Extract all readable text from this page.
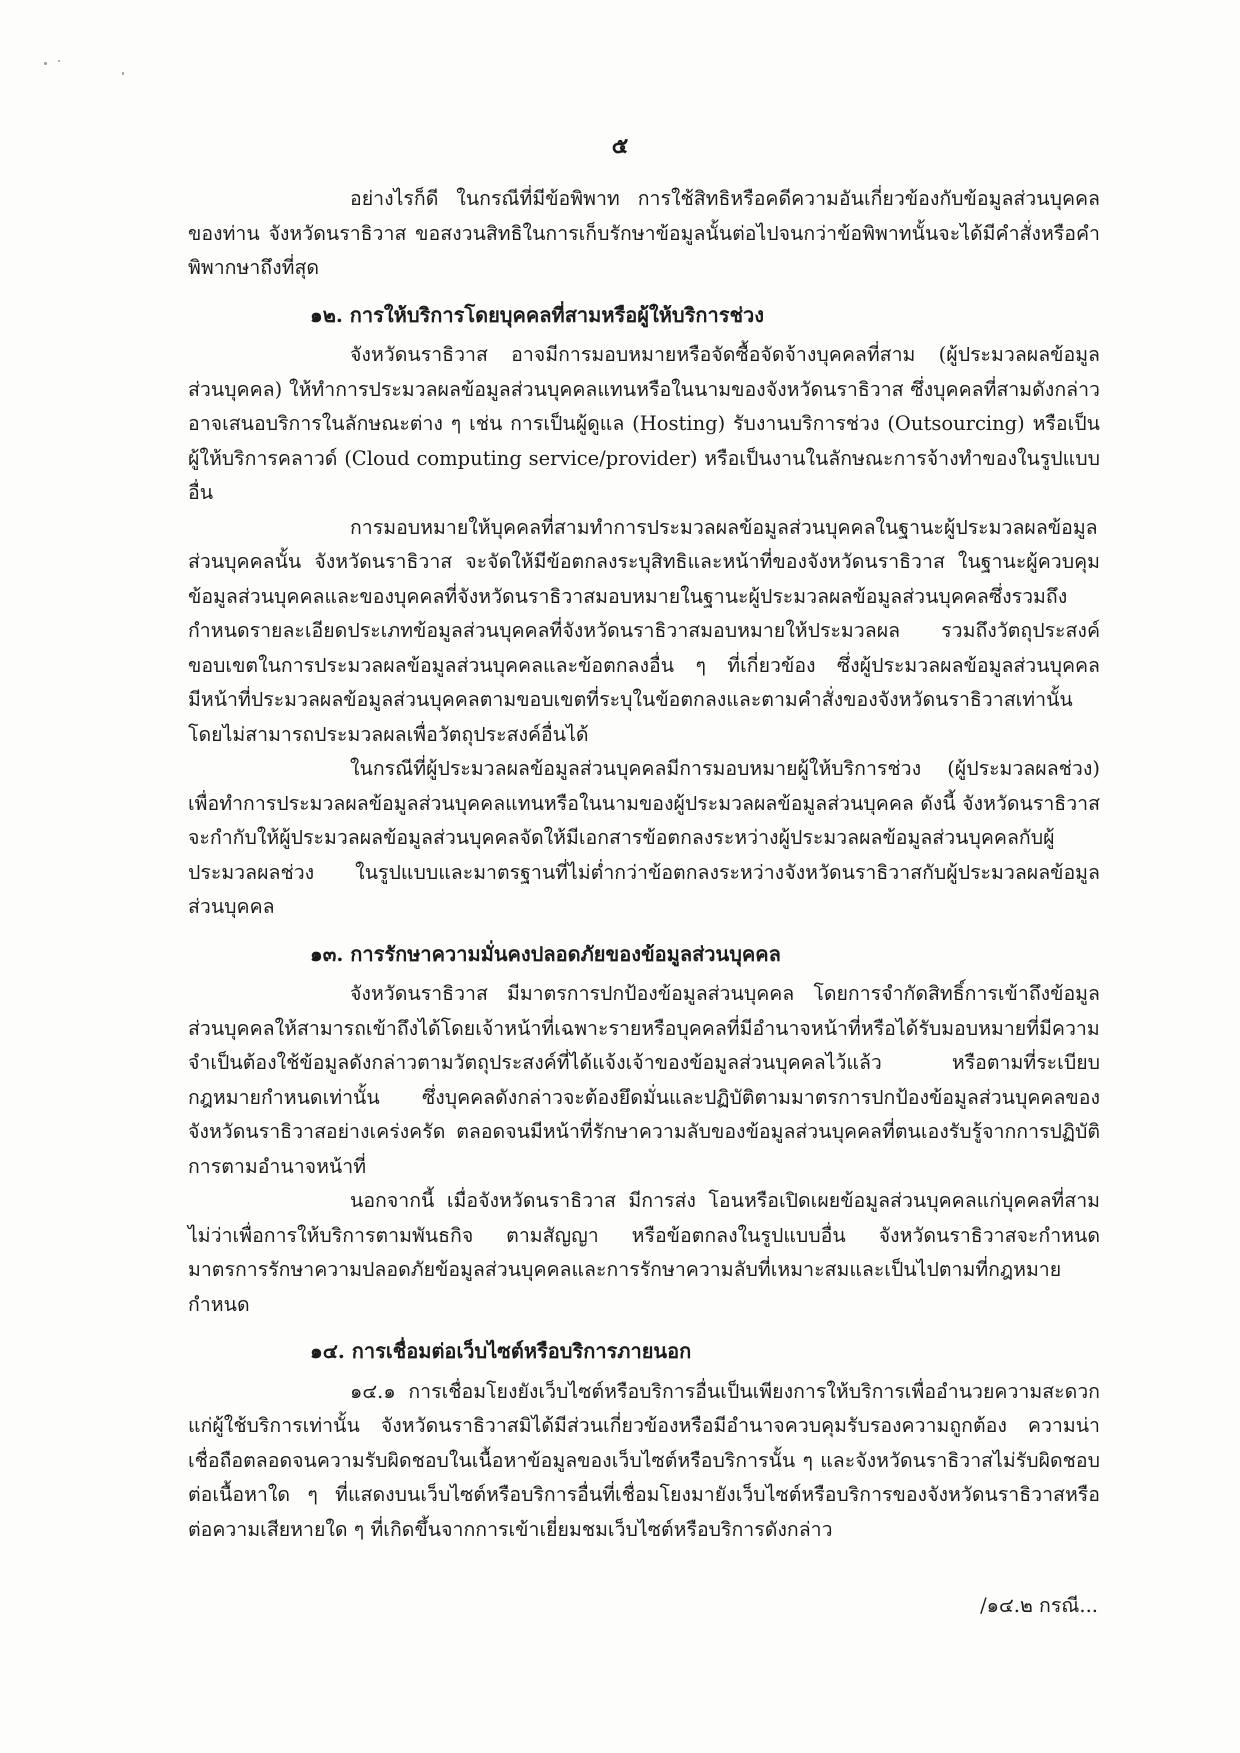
๕

อย่างไรก็ดี ในกรณีที่มีข้อพิพาท การใช้สิทธิหรือคดีความอันเกี่ยวข้องกับข้อมูลส่วนบุคคลของท่าน จังหวัดนราธิวาส ขอสงวนสิทธิในการเก็บรักษาข้อมูลนั้นต่อไปจนกว่าข้อพิพาทนั้นจะได้มีคำสั่งหรือคำพิพากษาถึงที่สุด

๑๒. การให้บริการโดยบุคคลที่สามหรือผู้ให้บริการช่วง

จังหวัดนราธิวาส อาจมีการมอบหมายหรือจัดซื้อจัดจ้างบุคคลที่สาม (ผู้ประมวลผลข้อมูลส่วนบุคคล) ให้ทำการประมวลผลข้อมูลส่วนบุคคลแทนหรือในนามของจังหวัดนราธิวาส ซึ่งบุคคลที่สามดังกล่าวอาจเสนอบริการในลักษณะต่าง ๆ เช่น การเป็นผู้ดูแล (Hosting) รับงานบริการช่วง (Outsourcing) หรือเป็นผู้ให้บริการคลาวด์ (Cloud computing service/provider) หรือเป็นงานในลักษณะการจ้างทำของในรูปแบบอื่น

การมอบหมายให้บุคคลที่สามทำการประมวลผลข้อมูลส่วนบุคคลในฐานะผู้ประมวลผลข้อมูลส่วนบุคคลนั้น จังหวัดนราธิวาส จะจัดให้มีข้อตกลงระบุสิทธิและหน้าที่ของจังหวัดนราธิวาส ในฐานะผู้ควบคุมข้อมูลส่วนบุคคลและของบุคคลที่จังหวัดนราธิวาสมอบหมายในฐานะผู้ประมวลผลข้อมูลส่วนบุคคลซึ่งรวมถึงกำหนดรายละเอียดประเภทข้อมูลส่วนบุคคลที่จังหวัดนราธิวาสมอบหมายให้ประมวลผล รวมถึงวัตถุประสงค์ ขอบเขตในการประมวลผลข้อมูลส่วนบุคคลและข้อตกลงอื่น ๆ ที่เกี่ยวข้อง ซึ่งผู้ประมวลผลข้อมูลส่วนบุคคลมีหน้าที่ประมวลผลข้อมูลส่วนบุคคลตามขอบเขตที่ระบุในข้อตกลงและตามคำสั่งของจังหวัดนราธิวาสเท่านั้น โดยไม่สามารถประมวลผลเพื่อวัตถุประสงค์อื่นได้

ในกรณีที่ผู้ประมวลผลข้อมูลส่วนบุคคลมีการมอบหมายผู้ให้บริการช่วง (ผู้ประมวลผลช่วง) เพื่อทำการประมวลผลข้อมูลส่วนบุคคลแทนหรือในนามของผู้ประมวลผลข้อมูลส่วนบุคคล ดังนี้ จังหวัดนราธิวาสจะกำกับให้ผู้ประมวลผลข้อมูลส่วนบุคคลจัดให้มีเอกสารข้อตกลงระหว่างผู้ประมวลผลข้อมูลส่วนบุคคลกับผู้ประมวลผลช่วง ในรูปแบบและมาตรฐานที่ไม่ต่ำกว่าข้อตกลงระหว่างจังหวัดนราธิวาสกับผู้ประมวลผลข้อมูลส่วนบุคคล

๑๓. การรักษาความมั่นคงปลอดภัยของข้อมูลส่วนบุคคล

จังหวัดนราธิวาส มีมาตรการปกป้องข้อมูลส่วนบุคคล โดยการจำกัดสิทธิ์การเข้าถึงข้อมูลส่วนบุคคลให้สามารถเข้าถึงได้โดยเจ้าหน้าที่เฉพาะรายหรือบุคคลที่มีอำนาจหน้าที่หรือได้รับมอบหมายที่มีความจำเป็นต้องใช้ข้อมูลดังกล่าวตามวัตถุประสงค์ที่ได้แจ้งเจ้าของข้อมูลส่วนบุคคลไว้แล้ว หรือตามที่ระเบียบกฎหมายกำหนดเท่านั้น ซึ่งบุคคลดังกล่าวจะต้องยึดมั่นและปฏิบัติตามมาตรการปกป้องข้อมูลส่วนบุคคลของจังหวัดนราธิวาสอย่างเคร่งครัด ตลอดจนมีหน้าที่รักษาความลับของข้อมูลส่วนบุคคลที่ตนเองรับรู้จากการปฏิบัติการตามอำนาจหน้าที่

นอกจากนี้ เมื่อจังหวัดนราธิวาส มีการส่ง โอนหรือเปิดเผยข้อมูลส่วนบุคคลแก่บุคคลที่สามไม่ว่าเพื่อการให้บริการตามพันธกิจ ตามสัญญา หรือข้อตกลงในรูปแบบอื่น จังหวัดนราธิวาสจะกำหนดมาตรการรักษาความปลอดภัยข้อมูลส่วนบุคคลและการรักษาความลับที่เหมาะสมและเป็นไปตามที่กฎหมายกำหนด

๑๔. การเชื่อมต่อเว็บไซต์หรือบริการภายนอก

๑๔.๑ การเชื่อมโยงยังเว็บไซต์หรือบริการอื่นเป็นเพียงการให้บริการเพื่ออำนวยความสะดวกแก่ผู้ใช้บริการเท่านั้น จังหวัดนราธิวาสมิได้มีส่วนเกี่ยวข้องหรือมีอำนาจควบคุมรับรองความถูกต้อง ความน่าเชื่อถือตลอดจนความรับผิดชอบในเนื้อหาข้อมูลของเว็บไซต์หรือบริการนั้น ๆ และจังหวัดนราธิวาสไม่รับผิดชอบต่อเนื้อหาใด ๆ ที่แสดงบนเว็บไซต์หรือบริการอื่นที่เชื่อมโยงมายังเว็บไซต์หรือบริการของจังหวัดนราธิวาสหรือต่อความเสียหายใด ๆ ที่เกิดขึ้นจากการเข้าเยี่ยมชมเว็บไซต์หรือบริการดังกล่าว

/๑๔.๒ กรณี...
